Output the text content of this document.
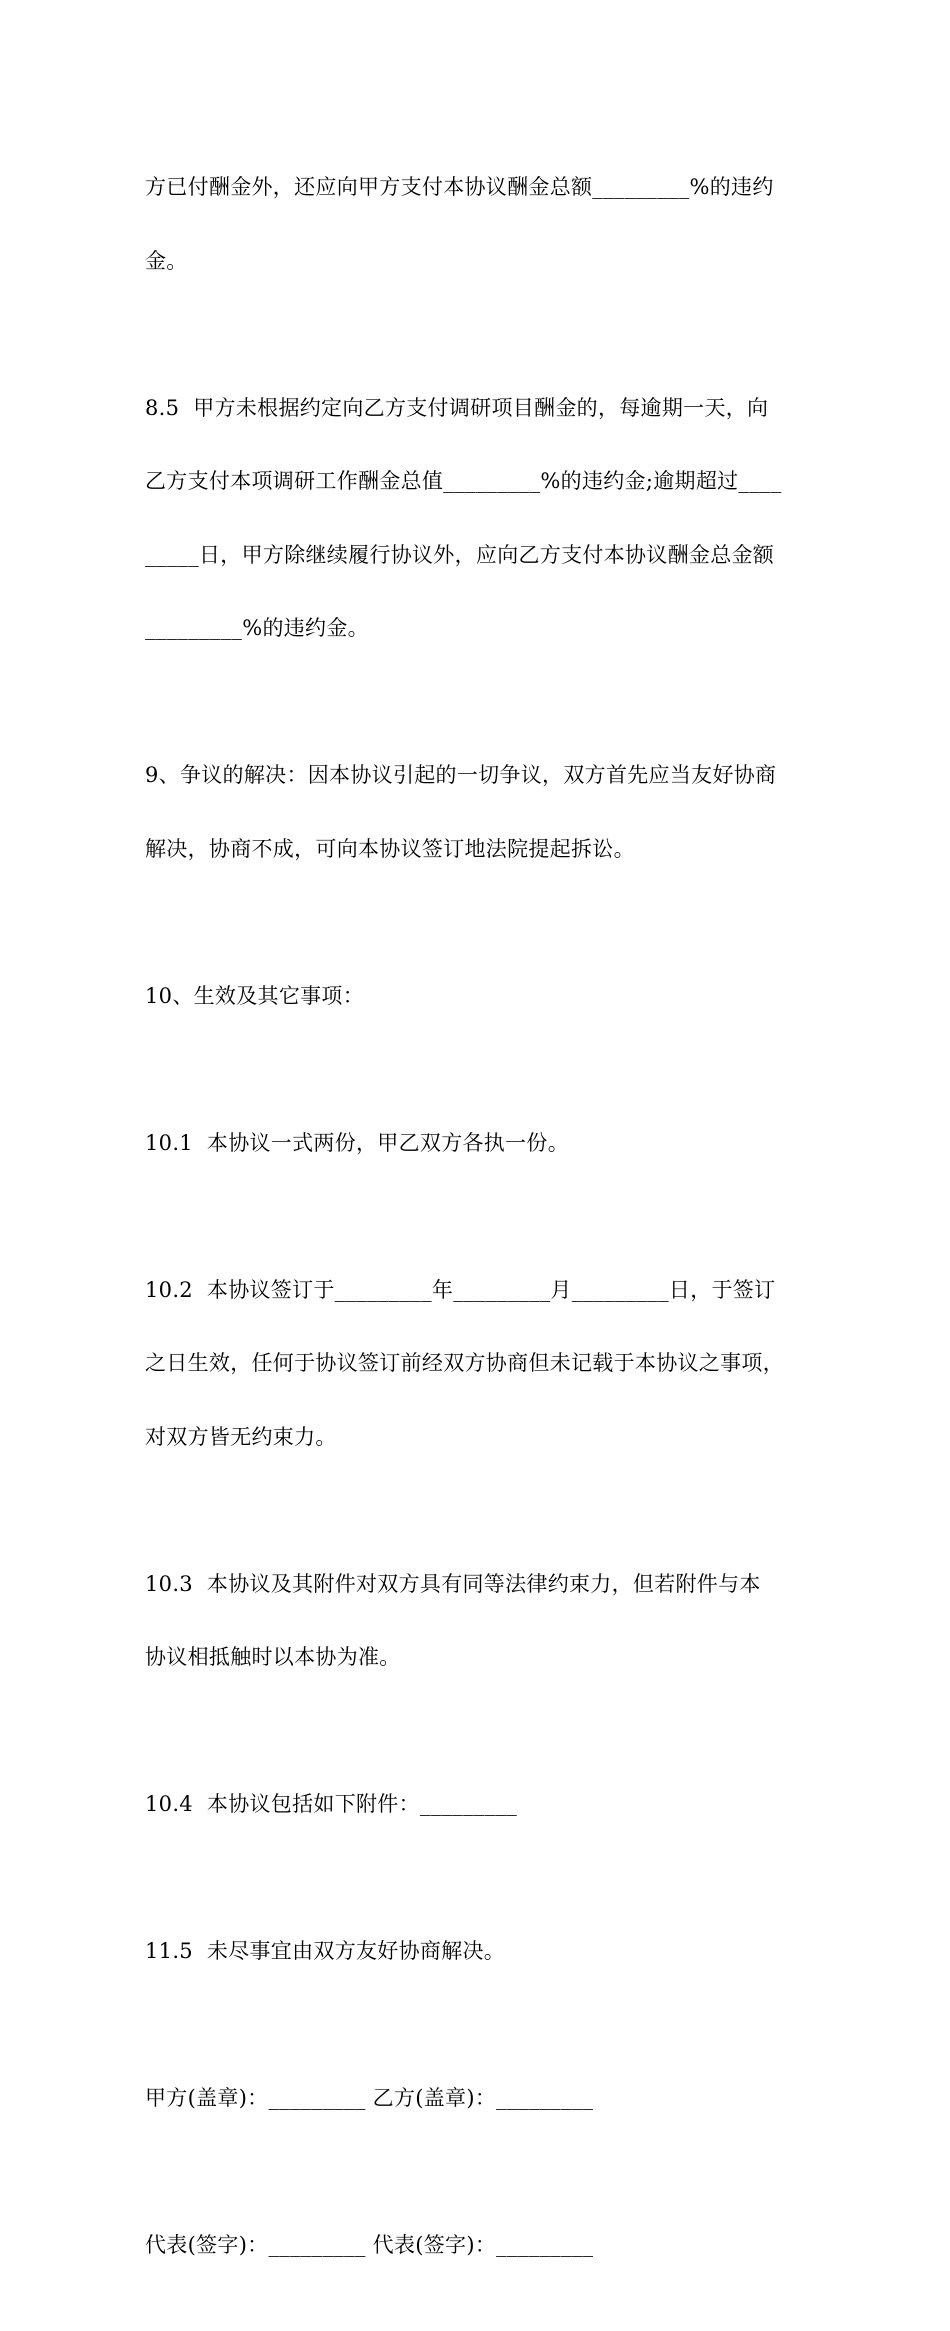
方已付酬金外，还应向甲方支付本协议酬金总额_________%的违约

金。

8.5  甲方未根据约定向乙方支付调研项目酬金的，每逾期一天，向

乙方支付本项调研工作酬金总值_________%的违约金;逾期超过____

_____日，甲方除继续履行协议外，应向乙方支付本协议酬金总金额

_________%的违约金。

9、争议的解决：因本协议引起的一切争议，双方首先应当友好协商

解决，协商不成，可向本协议签订地法院提起拆讼。

10、生效及其它事项：

10.1  本协议一式两份，甲乙双方各执一份。

10.2  本协议签订于_________年_________月_________日，于签订

之日生效，任何于协议签订前经双方协商但未记载于本协议之事项，

对双方皆无约束力。

10.3  本协议及其附件对双方具有同等法律约束力，但若附件与本

协议相抵触时以本协为准。

10.4  本协议包括如下附件：_________

11.5  未尽事宜由双方友好协商解决。

甲方(盖章)：_________ 乙方(盖章)：_________

代表(签字)：_________ 代表(签字)：_________
